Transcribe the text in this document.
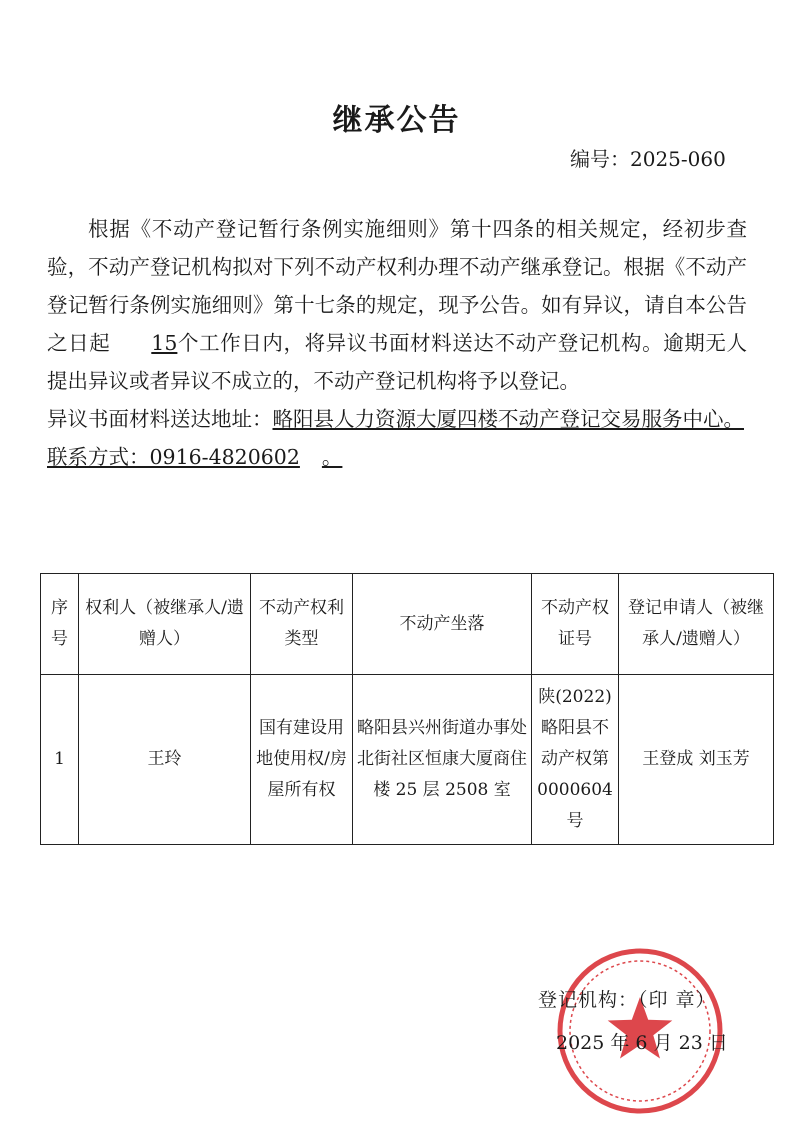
继承公告
编号：2025-060

根据《不动产登记暂行条例实施细则》第十四条的相关规定，经初步查验，不动产登记机构拟对下列不动产权利办理不动产继承登记。根据《不动产登记暂行条例实施细则》第十七条的规定，现予公告。如有异议，请自本公告之日起 15个工作日内，将异议书面材料送达不动产登记机构。逾期无人提出异议或者异议不成立的，不动产登记机构将予以登记。

异议书面材料送达地址：略阳县人力资源大厦四楼不动产登记交易服务中心。

联系方式：0916-4820602 。

序号	权利人（被继承人/遗赠人）	不动产权利类型	不动产坐落	不动产权证号	登记申请人（被继承人/遗赠人）
1	王玲	国有建设用地使用权/房屋所有权	略阳县兴州街道办事处北街社区恒康大厦商住楼 25 层 2508 室	陕(2022)略阳县不动产权第0000604号	王登成 刘玉芳
登记机构：（印 章）
2025 年 6 月 23 日
